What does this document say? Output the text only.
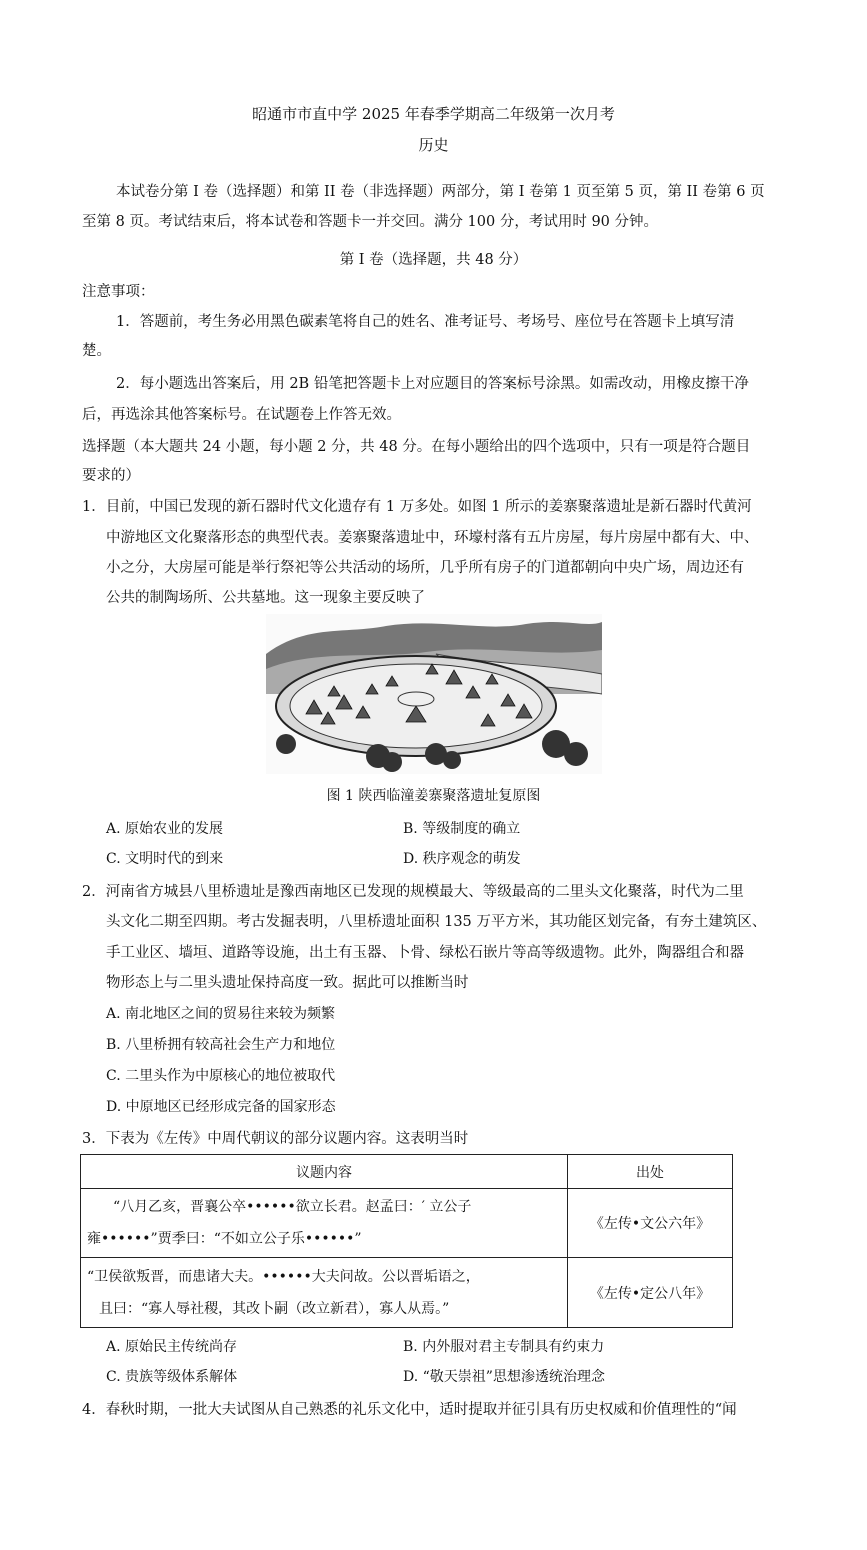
昭通市市直中学 2025 年春季学期高二年级第一次月考
历史
本试卷分第 I 卷（选择题）和第 II 卷（非选择题）两部分，第 I 卷第 1 页至第 5 页，第 II 卷第 6 页
至第 8 页。考试结束后，将本试卷和答题卡一并交回。满分 100 分，考试用时 90 分钟。
第 I 卷（选择题，共 48 分）
注意事项：
1．答题前，考生务必用黑色碳素笔将自己的姓名、准考证号、考场号、座位号在答题卡上填写清
楚。
2．每小题选出答案后，用 2B 铅笔把答题卡上对应题目的答案标号涂黑。如需改动，用橡皮擦干净
后，再选涂其他答案标号。在试题卷上作答无效。
选择题（本大题共 24 小题，每小题 2 分，共 48 分。在每小题给出的四个选项中，只有一项是符合题目
要求的）
1．目前，中国已发现的新石器时代文化遗存有 1 万多处。如图 1 所示的姜寨聚落遗址是新石器时代黄河
中游地区文化聚落形态的典型代表。姜寨聚落遗址中，环壕村落有五片房屋，每片房屋中都有大、中、
小之分，大房屋可能是举行祭祀等公共活动的场所，几乎所有房子的门道都朝向中央广场，周边还有
公共的制陶场所、公共墓地。这一现象主要反映了
图 1 陕西临潼姜寨聚落遗址复原图
A. 原始农业的发展	B. 等级制度的确立
C. 文明时代的到来	D. 秩序观念的萌发
2．河南省方城县八里桥遗址是豫西南地区已发现的规模最大、等级最高的二里头文化聚落，时代为二里
头文化二期至四期。考古发掘表明，八里桥遗址面积 135 万平方米，其功能区划完备，有夯土建筑区、
手工业区、墙垣、道路等设施，出土有玉器、卜骨、绿松石嵌片等高等级遗物。此外，陶器组合和器
物形态上与二里头遗址保持高度一致。据此可以推断当时
A. 南北地区之间的贸易往来较为频繁
B. 八里桥拥有较高社会生产力和地位
C. 二里头作为中原核心的地位被取代
D. 中原地区已经形成完备的国家形态
3．下表为《左传》中周代朝议的部分议题内容。这表明当时
议题内容	出处

“八月乙亥，晋襄公卒••••••欲立长君。赵孟曰：′ 立公子
雍••••••”贾季曰：“不如立公子乐••••••”	《左传•文公六年》

“卫侯欲叛晋，而患诸大夫。••••••大夫问故。公以晋垢语之，
且曰：“寡人辱社稷，其改卜嗣（改立新君），寡人从焉。”	《左传•定公八年》
A. 原始民主传统尚存	B. 内外服对君主专制具有约束力
C. 贵族等级体系解体	D. “敬天崇祖”思想渗透统治理念
4．春秋时期，一批大夫试图从自己熟悉的礼乐文化中，适时提取并征引具有历史权威和价值理性的“闻
